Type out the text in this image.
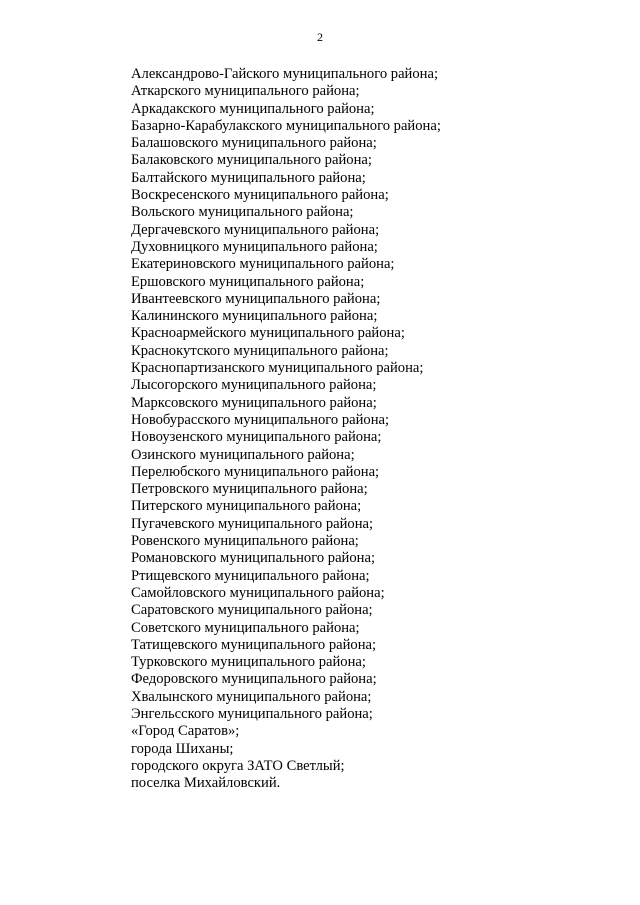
2
Александрово-Гайского муниципального района;
Аткарского муниципального района;
Аркадакского муниципального района;
Базарно-Карабулакского муниципального района;
Балашовского муниципального района;
Балаковского муниципального района;
Балтайского муниципального района;
Воскресенского муниципального района;
Вольского муниципального района;
Дергачевского муниципального района;
Духовницкого муниципального района;
Екатериновского муниципального района;
Ершовского муниципального района;
Ивантеевского муниципального района;
Калининского муниципального района;
Красноармейского муниципального района;
Краснокутского муниципального района;
Краснопартизанского муниципального района;
Лысогорского муниципального района;
Марксовского муниципального района;
Новобурасского муниципального района;
Новоузенского муниципального района;
Озинского муниципального района;
Перелюбского муниципального района;
Петровского муниципального района;
Питерского муниципального района;
Пугачевского муниципального района;
Ровенского муниципального района;
Романовского муниципального района;
Ртищевского муниципального района;
Самойловского муниципального района;
Саратовского муниципального района;
Советского муниципального района;
Татищевского муниципального района;
Турковского муниципального района;
Федоровского муниципального района;
Хвалынского муниципального района;
Энгельсского муниципального района;
«Город Саратов»;
города Шиханы;
городского округа ЗАТО Светлый;
поселка Михайловский.
